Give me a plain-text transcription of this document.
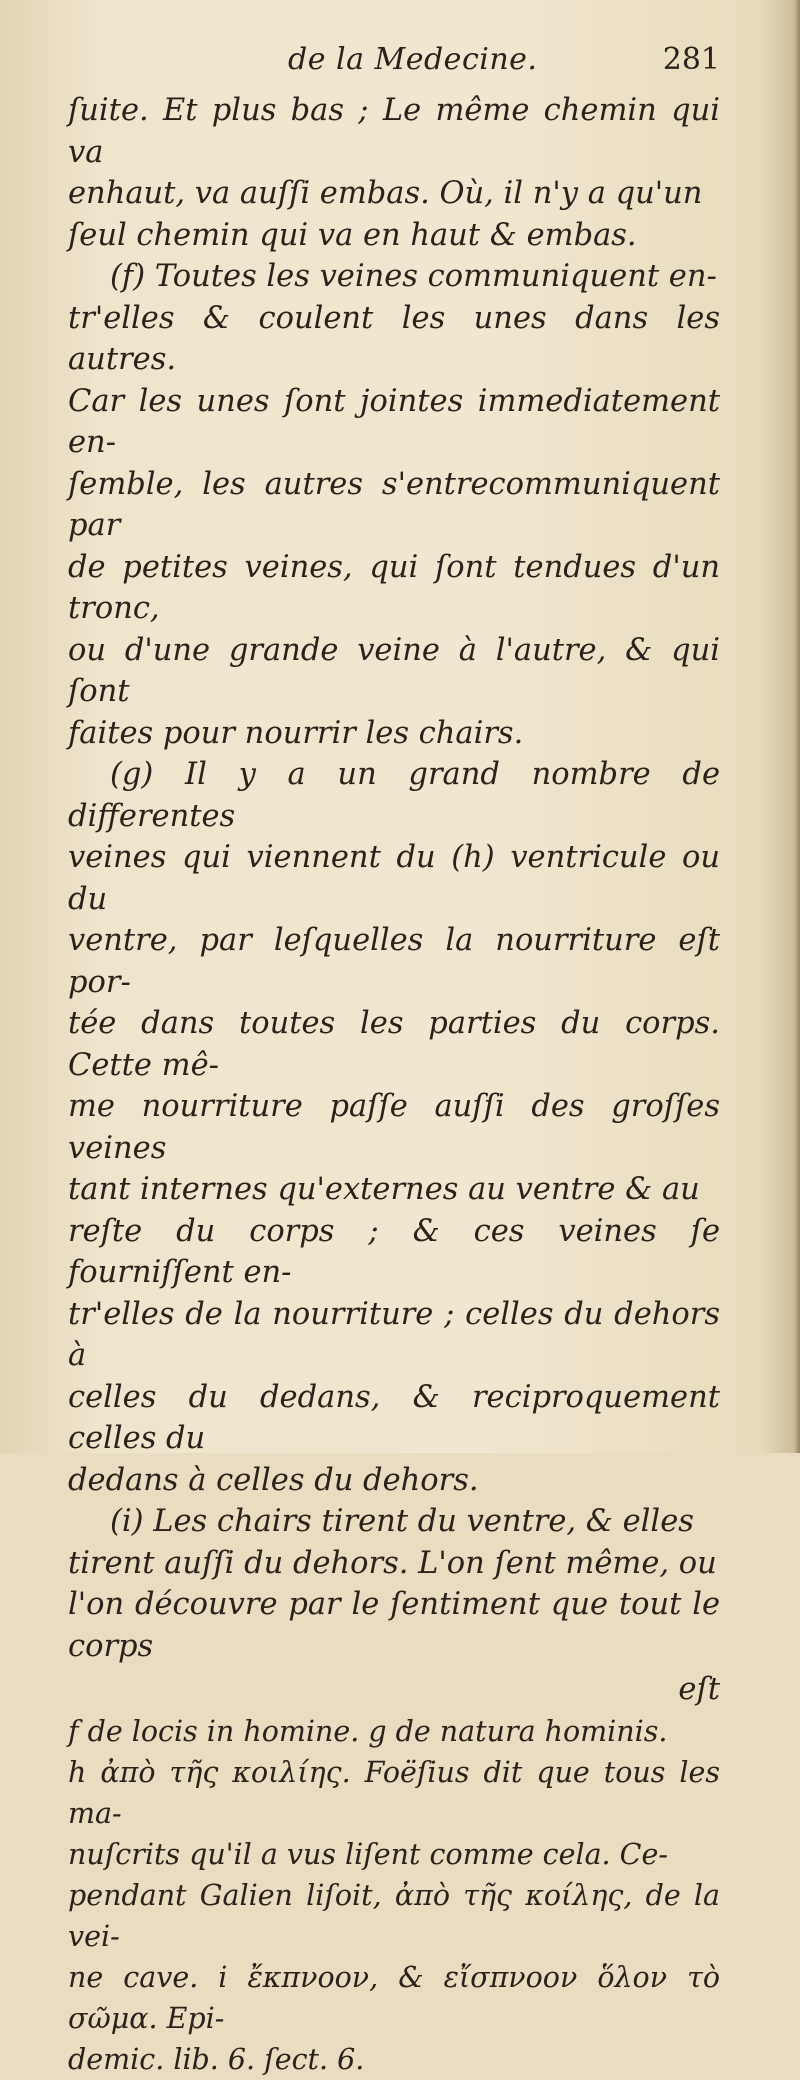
de la Medecine.	281

ſuite. Et plus bas ; Le même chemin qui va
enhaut, va auſſi embas. Où, il n'y a qu'un
ſeul chemin qui va en haut & embas.

(f) Toutes les veines communiquent en-
tr'elles & coulent les unes dans les autres.
Car les unes ſont jointes immediatement en-
ſemble, les autres s'entrecommuniquent par
de petites veines, qui ſont tendues d'un tronc,
ou d'une grande veine à l'autre, & qui ſont
faites pour nourrir les chairs.

(g) Il y a un grand nombre de differentes
veines qui viennent du (h) ventricule ou du
ventre, par leſquelles la nourriture eſt por-
tée dans toutes les parties du corps. Cette mê-
me nourriture paſſe auſſi des groſſes veines
tant internes qu'externes au ventre & au
reſte du corps ; & ces veines ſe fourniſſent en-
tr'elles de la nourriture ; celles du dehors à
celles du dedans, & reciproquement celles du
dedans à celles du dehors.

(i) Les chairs tirent du ventre, & elles
tirent auſſi du dehors. L'on ſent même, ou
l'on découvre par le ſentiment que tout le corps

eſt

f de locis in homine. g de natura hominis.
h ἀπὸ τῆς κοιλίης. Foëſius dit que tous les ma-
nuſcrits qu'il a vus liſent comme cela. Ce-
pendant Galien liſoit, ἀπὸ τῆς κοίλης, de la vei-
ne cave. i ἔκπνοον, & εἴσπνοον ὅλον τὸ σῶμα. Epi-
demic. lib. 6. ſect. 6.
